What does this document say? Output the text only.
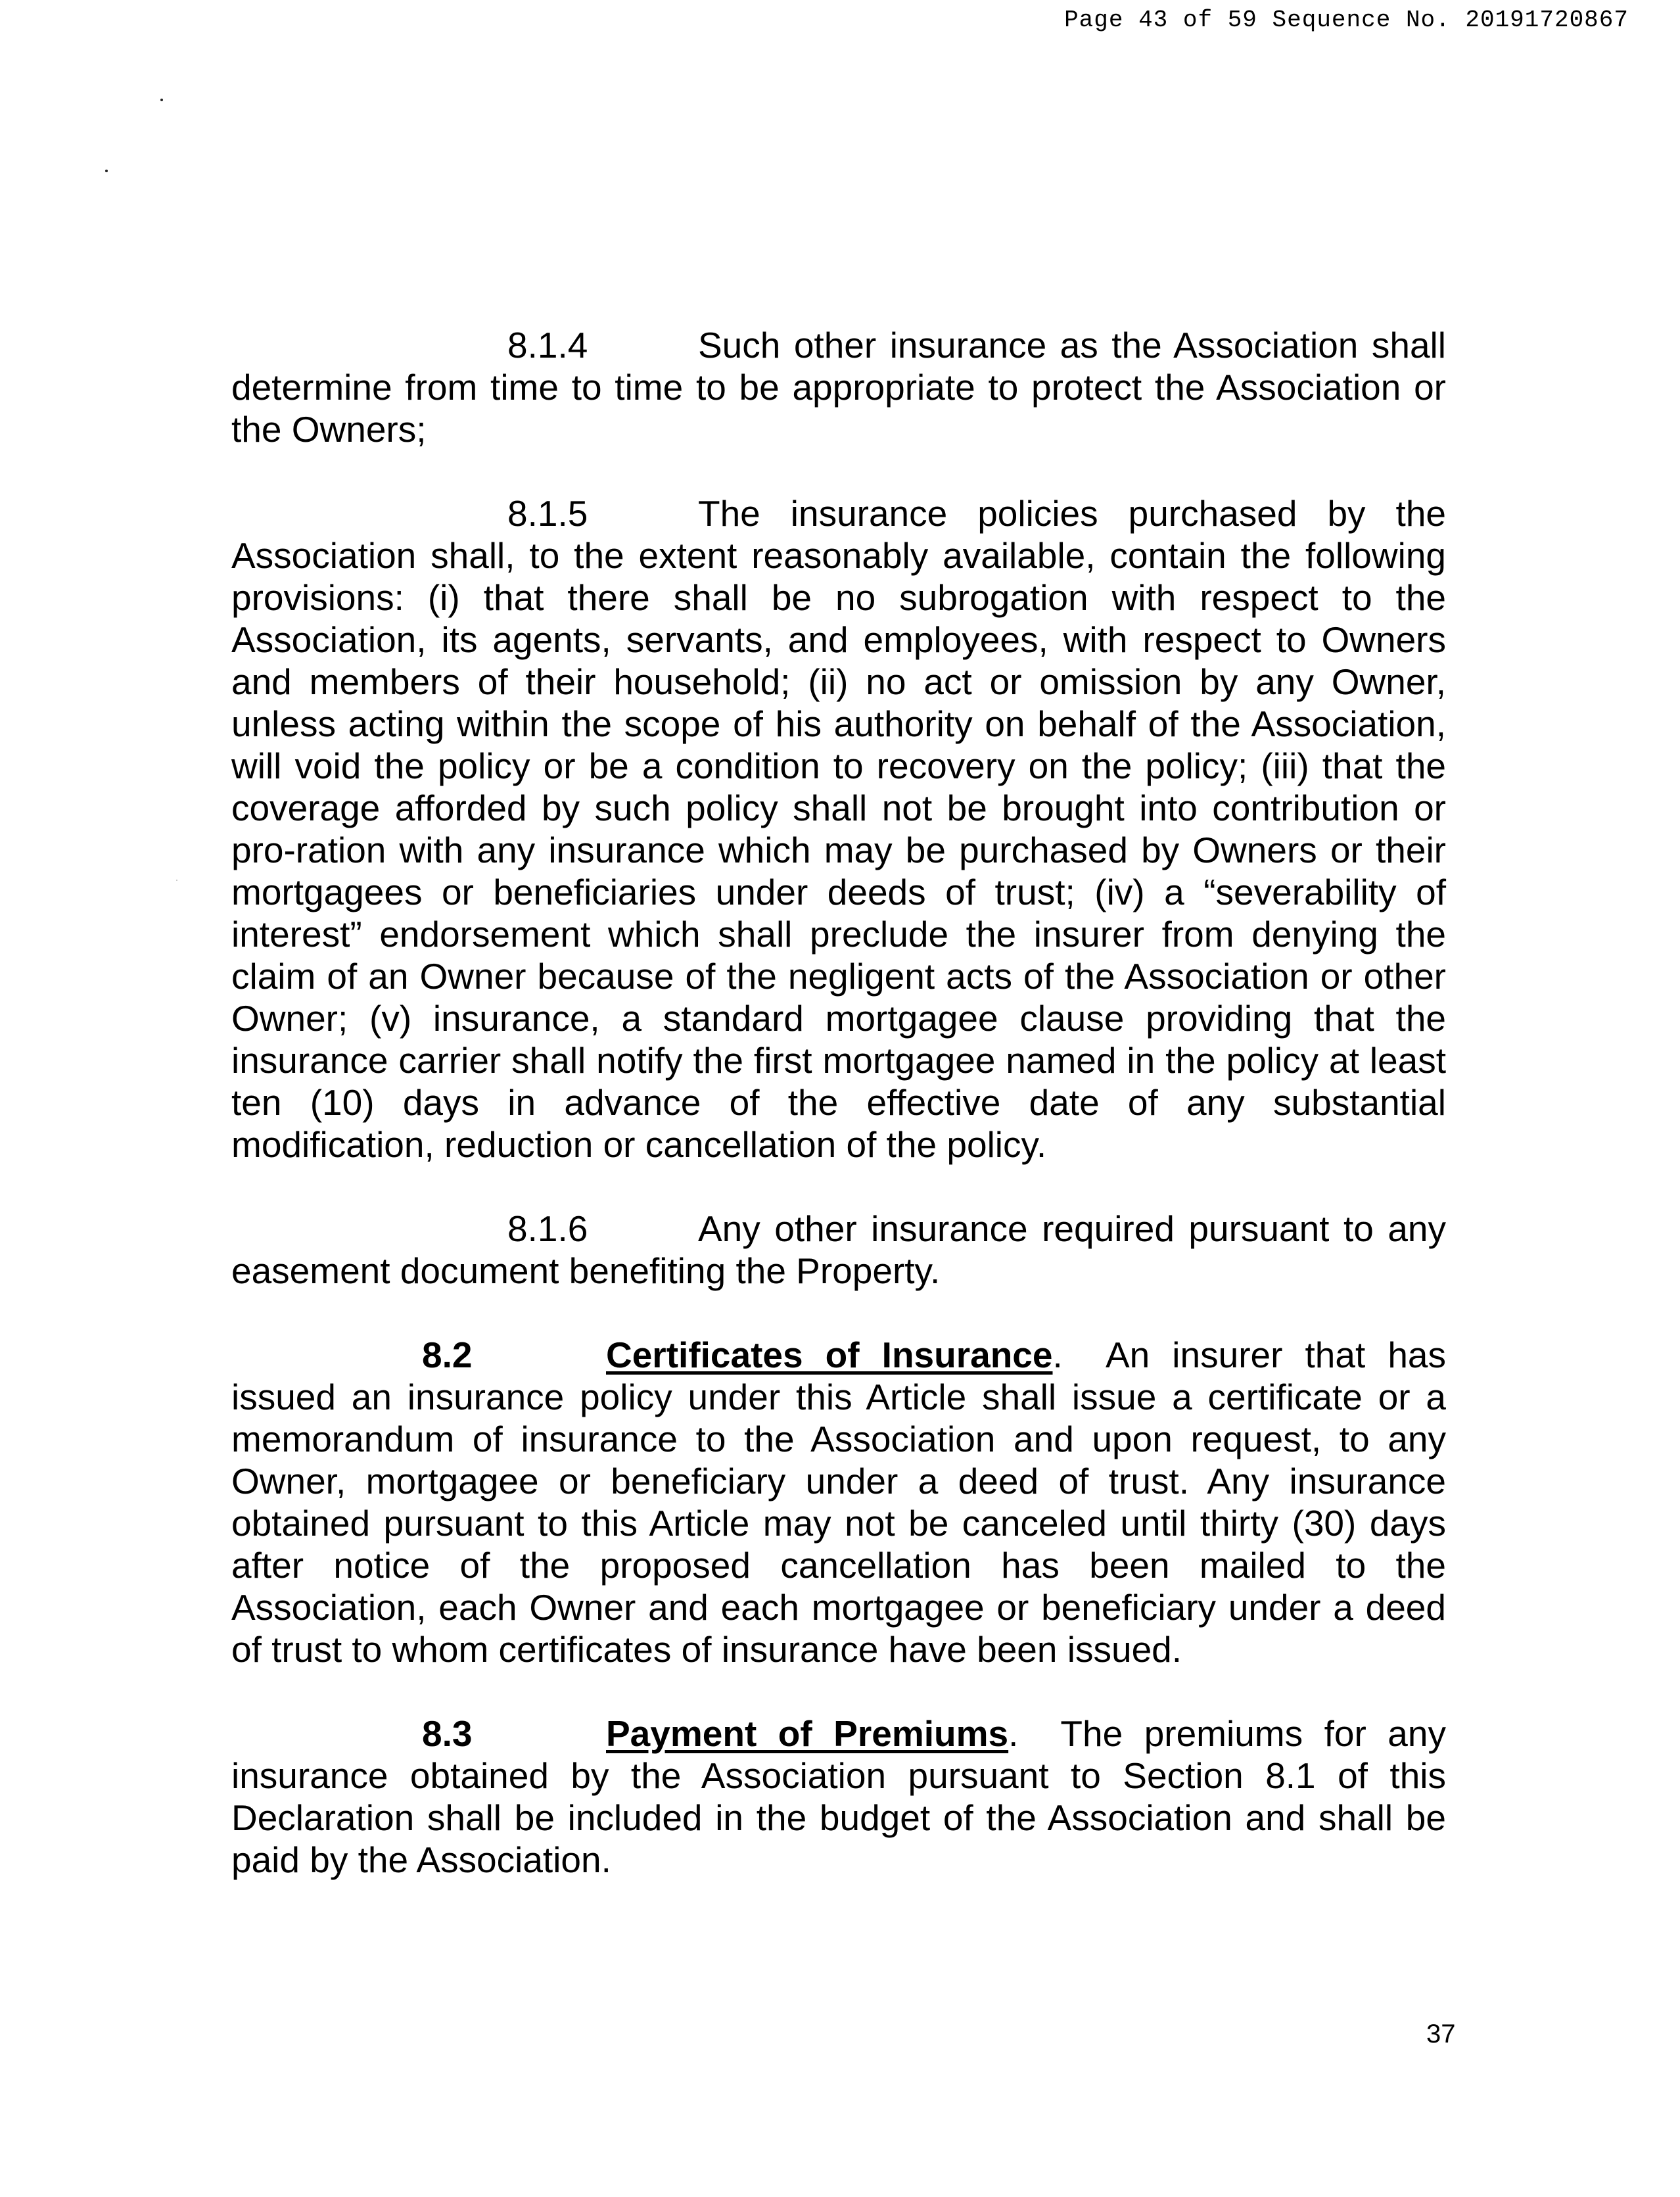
Page 43 of 59 Sequence No. 20191720867

8.1.4	Such other insurance as the Association shall determine from time to time to be appropriate to protect the Association or the Owners;

8.1.5	The insurance policies purchased by the Association shall, to the extent reasonably available, contain the following provisions: (i) that there shall be no subrogation with respect to the Association, its agents, servants, and employees, with respect to Owners and members of their household; (ii) no act or omission by any Owner, unless acting within the scope of his authority on behalf of the Association, will void the policy or be a condition to recovery on the policy; (iii) that the coverage afforded by such policy shall not be brought into contribution or pro-ration with any insurance which may be purchased by Owners or their mortgagees or beneficiaries under deeds of trust; (iv) a “severability of interest” endorsement which shall preclude the insurer from denying the claim of an Owner because of the negligent acts of the Association or other Owner; (v) insurance, a standard mortgagee clause providing that the insurance carrier shall notify the first mortgagee named in the policy at least ten (10) days in advance of the effective date of any substantial modification, reduction or cancellation of the policy.

8.1.6	Any other insurance required pursuant to any easement document benefiting the Property.

8.2	Certificates of Insurance. An insurer that has issued an insurance policy under this Article shall issue a certificate or a memorandum of insurance to the Association and upon request, to any Owner, mortgagee or beneficiary under a deed of trust. Any insurance obtained pursuant to this Article may not be canceled until thirty (30) days after notice of the proposed cancellation has been mailed to the Association, each Owner and each mortgagee or beneficiary under a deed of trust to whom certificates of insurance have been issued.

8.3	Payment of Premiums. The premiums for any insurance obtained by the Association pursuant to Section 8.1 of this Declaration shall be included in the budget of the Association and shall be paid by the Association.

37
